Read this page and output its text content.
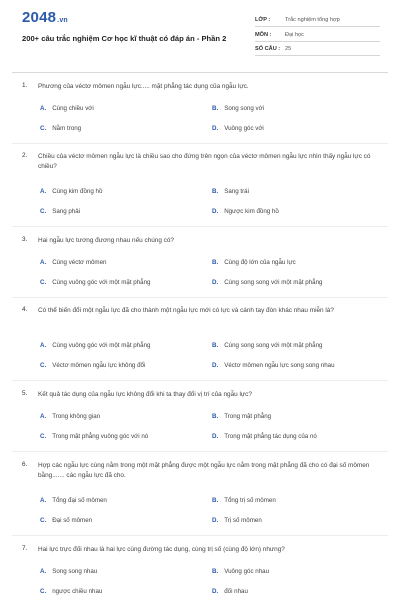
2048.vn
200+ câu trắc nghiệm Cơ học kĩ thuật có đáp án - Phần 2
LỚP :	Trắc nghiệm tổng hợp
MÔN : Đại học
SỐ CÂU : 25
1. Phương của véctơ mômen ngẫu lực..... mặt phẳng tác dụng của ngẫu lực.
A. Cùng chiều với	B. Song song với
C. Nằm trong	D. Vuông góc với
2. Chiều của véctơ mômen ngẫu lực là chiều sao cho đứng trên ngọn của véctơ mômen ngẫu lực nhìn thấy ngẫu lực có chiều?
A. Cùng kim đồng hồ	B. Sang trái
C. Sang phải	D. Ngược kim đồng hồ
3. Hai ngẫu lực tương đương nhau nếu chúng có?
A. Cùng véctơ mômen	B. Cùng độ lớn của ngẫu lực
C. Cùng vuông góc với một mặt phẳng	D. Cùng song song với một mặt phẳng
4. Có thể biến đổi một ngẫu lực đã cho thành một ngẫu lực mới có lực và cánh tay đòn khác nhau miễn là?
A. Cùng vuông góc với một mặt phẳng	B. Cùng song song với một mặt phẳng
C. Véctơ mômen ngẫu lực không đổi	D. Véctơ mômen ngẫu lực song song nhau
5. Kết quả tác dụng của ngẫu lực không đổi khi ta thay đổi vị trí của ngẫu lực?
A. Trong không gian	B. Trong mặt phẳng
C. Trong mặt phẳng vuông góc với nó	D. Trong mặt phẳng tác dụng của nó
6. Hợp các ngẫu lực cùng nằm trong một mặt phẳng được một ngẫu lực nằm trong mặt phẳng đã cho có đại số mômen bằng....... các ngẫu lực đã cho.
A. Tổng đại số mômen	B. Tổng trị số mômen
C. Đại số mômen	D. Trị số mômen
7. Hai lực trực đối nhau là hai lực cùng đường tác dụng, cùng trị số (cùng độ lớn) nhưng?
A. Song song nhau	B. Vuông góc nhau
C. ngược chiều nhau	D. đối nhau
